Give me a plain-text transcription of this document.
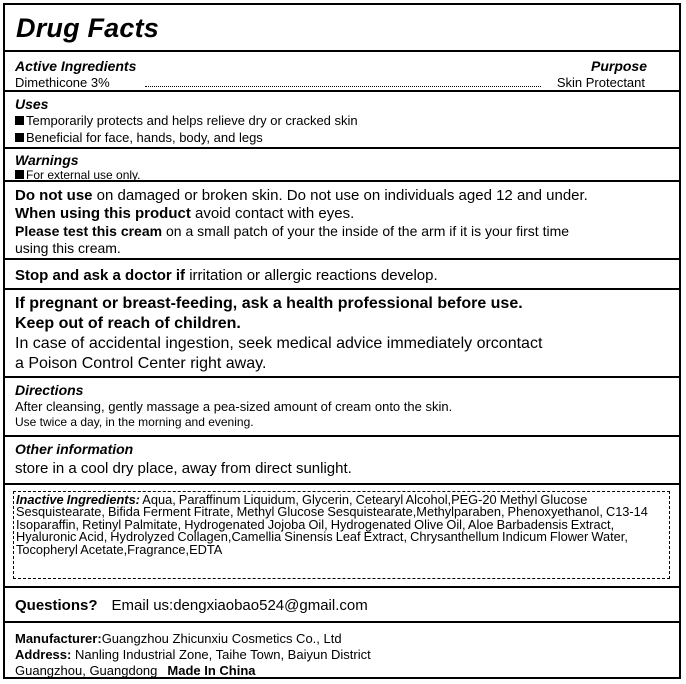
Drug Facts
Active Ingredients	Purpose
Dimethicone 3%	Skin Protectant
Uses
Temporarily protects and helps relieve dry or cracked skin
Beneficial for face, hands, body, and legs
Warnings
For external use only.
Do not use on damaged or broken skin. Do not use on individuals aged 12 and under.
When using this product avoid contact with eyes.
Please test this cream on a small patch of your the inside of the arm if it is your first time
using this cream.
Stop and ask a doctor if irritation or allergic reactions develop.
If pregnant or breast-feeding, ask a health professional before use.
Keep out of reach of children.
In case of accidental ingestion, seek medical advice immediately orcontact
a Poison Control Center right away.
Directions
After cleansing, gently massage a pea-sized amount of cream onto the skin.
Use twice a day, in the morning and evening.
Other information
store in a cool dry place, away from direct sunlight.
Inactive Ingredients: Aqua, Paraffinum Liquidum, Glycerin, Cetearyl Alcohol,PEG-20 Methyl Glucose Sesquistearate, Bifida Ferment Fitrate, Methyl Glucose Sesquistearate,Methylparaben, Phenoxyethanol, C13-14 Isoparaffin, Retinyl Palmitate, Hydrogenated Jojoba Oil, Hydrogenated Olive Oil, Aloe Barbadensis Extract, Hyaluronic Acid, Hydrolyzed Collagen,Camellia Sinensis Leaf Extract, Chrysanthellum Indicum Flower Water, Tocopheryl Acetate,Fragrance,EDTA
Questions? Email us:dengxiaobao524@gmail.com
Manufacturer:Guangzhou Zhicunxiu Cosmetics Co., Ltd
Address: Nanling Industrial Zone, Taihe Town, Baiyun District
Guangzhou, Guangdong Made In China
